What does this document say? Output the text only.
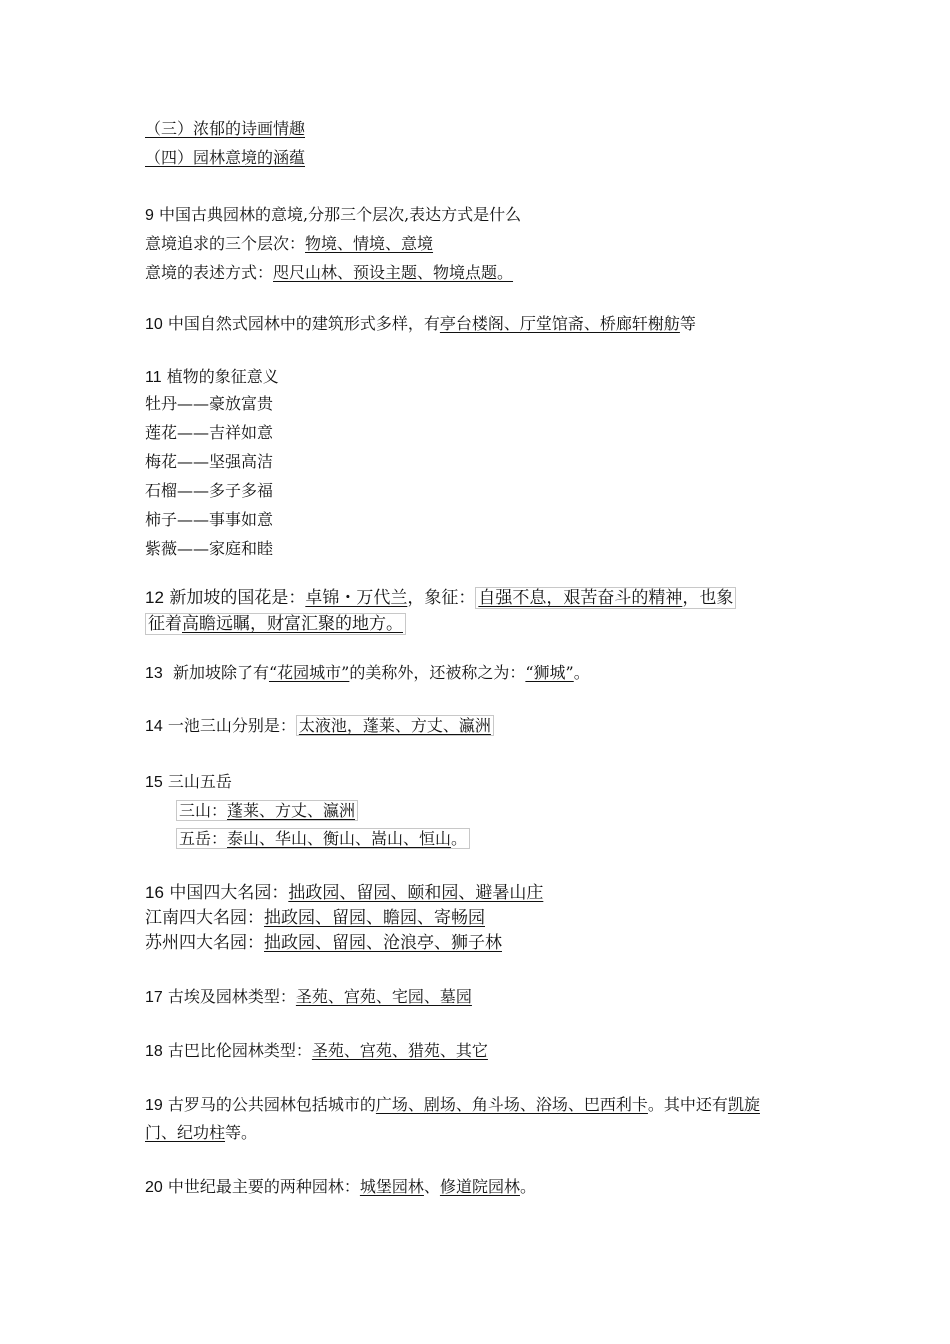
（三）浓郁的诗画情趣
（四）园林意境的涵蕴
9 中国古典园林的意境,分那三个层次,表达方式是什么
意境追求的三个层次：物境、情境、意境
意境的表述方式：咫尺山林、预设主题、物境点题。
10 中国自然式园林中的建筑形式多样，有亭台楼阁、厅堂馆斋、桥廊轩榭舫等
11 植物的象征意义
牡丹——豪放富贵
莲花——吉祥如意
梅花——坚强高洁
石榴——多子多福
柿子——事事如意
紫薇——家庭和睦
12 新加坡的国花是：卓锦・万代兰，象征： 自强不息，艰苦奋斗的精神，也象
征着高瞻远瞩，财富汇聚的地方。
13 新加坡除了有“花园城市”的美称外，还被称之为：“狮城”。
14 一池三山分别是： 太液池，蓬莱、方丈、瀛洲
15 三山五岳
三山：蓬莱、方丈、瀛洲
五岳：泰山、华山、衡山、嵩山、恒山。
16 中国四大名园：拙政园、留园、颐和园、避暑山庄
江南四大名园：拙政园、留园、瞻园、寄畅园
苏州四大名园：拙政园、留园、沧浪亭、狮子林
17 古埃及园林类型：圣苑、宫苑、宅园、墓园
18 古巴比伦园林类型：圣苑、宫苑、猎苑、其它
19 古罗马的公共园林包括城市的广场、剧场、角斗场、浴场、巴西利卡。其中还有凯旋
门、纪功柱等。
20 中世纪最主要的两种园林：城堡园林、修道院园林。
